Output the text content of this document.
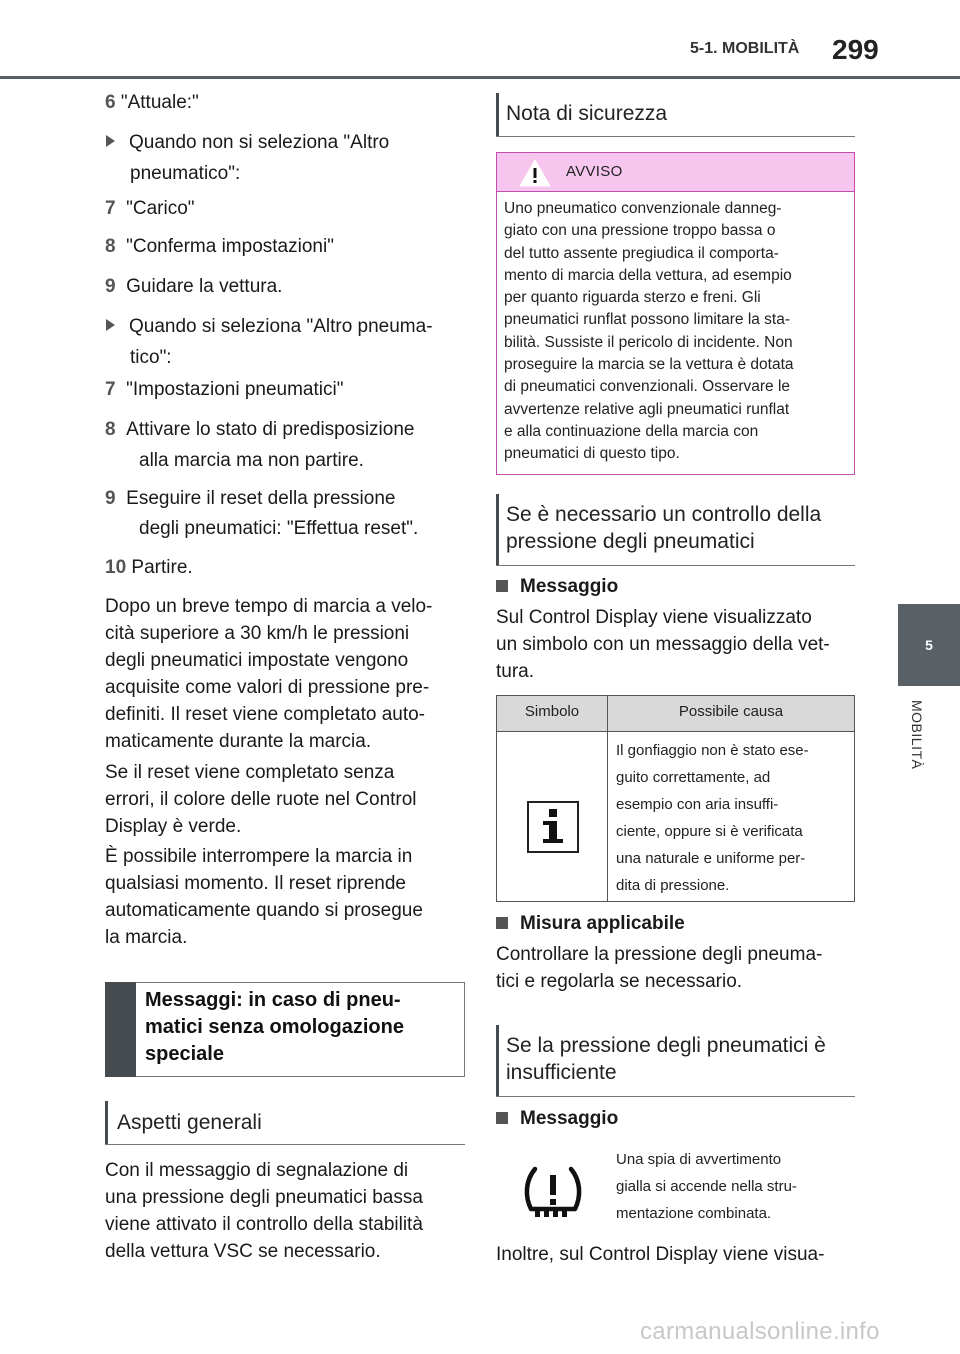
5-1. MOBILITÀ 299
5
MOBILITÀ
6 "Attuale:"
Quando non si seleziona "Altro
pneumatico":
7 "Carico"
8 "Conferma impostazioni"
9 Guidare la vettura.
Quando si seleziona "Altro pneuma-
tico":
7 "Impostazioni pneumatici"
8 Attivare lo stato di predisposizione
alla marcia ma non partire.
9 Eseguire il reset della pressione
degli pneumatici: "Effettua reset".
10 Partire.
Dopo un breve tempo di marcia a velo-
cità superiore a 30 km/h le pressioni
degli pneumatici impostate vengono
acquisite come valori di pressione pre-
definiti. Il reset viene completato auto-
maticamente durante la marcia.
Se il reset viene completato senza
errori, il colore delle ruote nel Control
Display è verde.
È possibile interrompere la marcia in
qualsiasi momento. Il reset riprende
automaticamente quando si prosegue
la marcia.
Messaggi: in caso di pneu-
matici senza omologazione
speciale
Aspetti generali
Con il messaggio di segnalazione di
una pressione degli pneumatici bassa
viene attivato il controllo della stabilità
della vettura VSC se necessario.
Nota di sicurezza
AVVISO
Uno pneumatico convenzionale danneg-
giato con una pressione troppo bassa o
del tutto assente pregiudica il comporta-
mento di marcia della vettura, ad esempio
per quanto riguarda sterzo e freni. Gli
pneumatici runflat possono limitare la sta-
bilità. Sussiste il pericolo di incidente. Non
proseguire la marcia se la vettura è dotata
di pneumatici convenzionali. Osservare le
avvertenze relative agli pneumatici runflat
e alla continuazione della marcia con
pneumatici di questo tipo.
Se è necessario un controllo della
pressione degli pneumatici
Messaggio
Sul Control Display viene visualizzato
un simbolo con un messaggio della vet-
tura.
Simbolo	Possibile causa
Il gonfiaggio non è stato ese-
guito correttamente, ad
esempio con aria insuffi-
ciente, oppure si è verificata
una naturale e uniforme per-
dita di pressione.
Misura applicabile
Controllare la pressione degli pneuma-
tici e regolarla se necessario.
Se la pressione degli pneumatici è
insufficiente
Messaggio
Una spia di avvertimento
gialla si accende nella stru-
mentazione combinata.
Inoltre, sul Control Display viene visua-
carmanualsonline.info
